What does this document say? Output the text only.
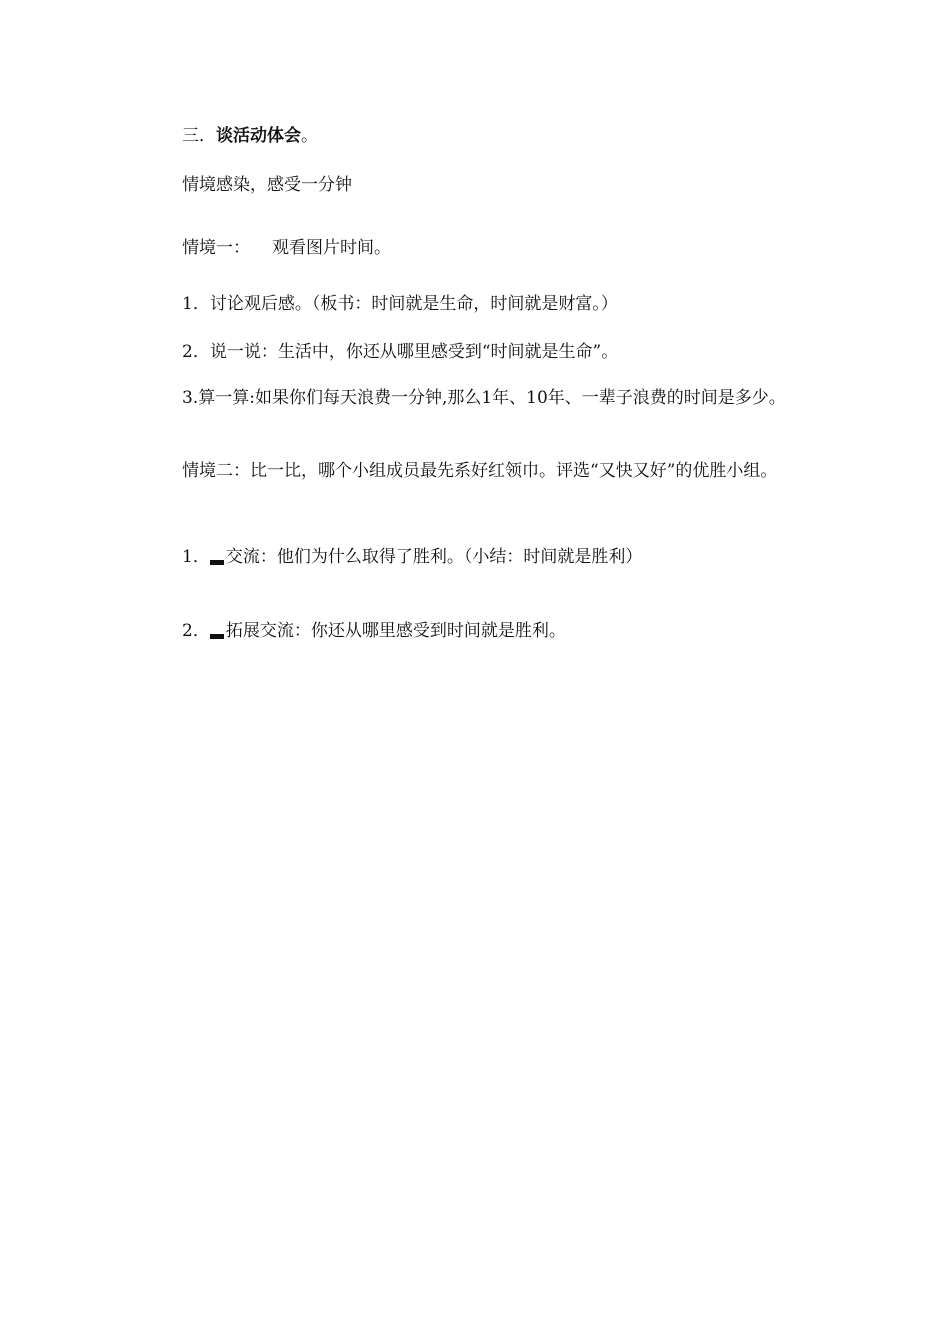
三．谈活动体会。

情境感染，感受一分钟

情境一： 观看图片时间。

1．讨论观后感。（板书：时间就是生命，时间就是财富。）

2．说一说：生活中，你还从哪里感受到“时间就是生命”。

3.算一算:如果你们每天浪费一分钟,那么1年、10年、一辈子浪费的时间是多少。

情境二：比一比，哪个小组成员最先系好红领巾。评选“又快又好”的优胜小组。

1． 交流：他们为什么取得了胜利。（小结：时间就是胜利）

2． 拓展交流：你还从哪里感受到时间就是胜利。
